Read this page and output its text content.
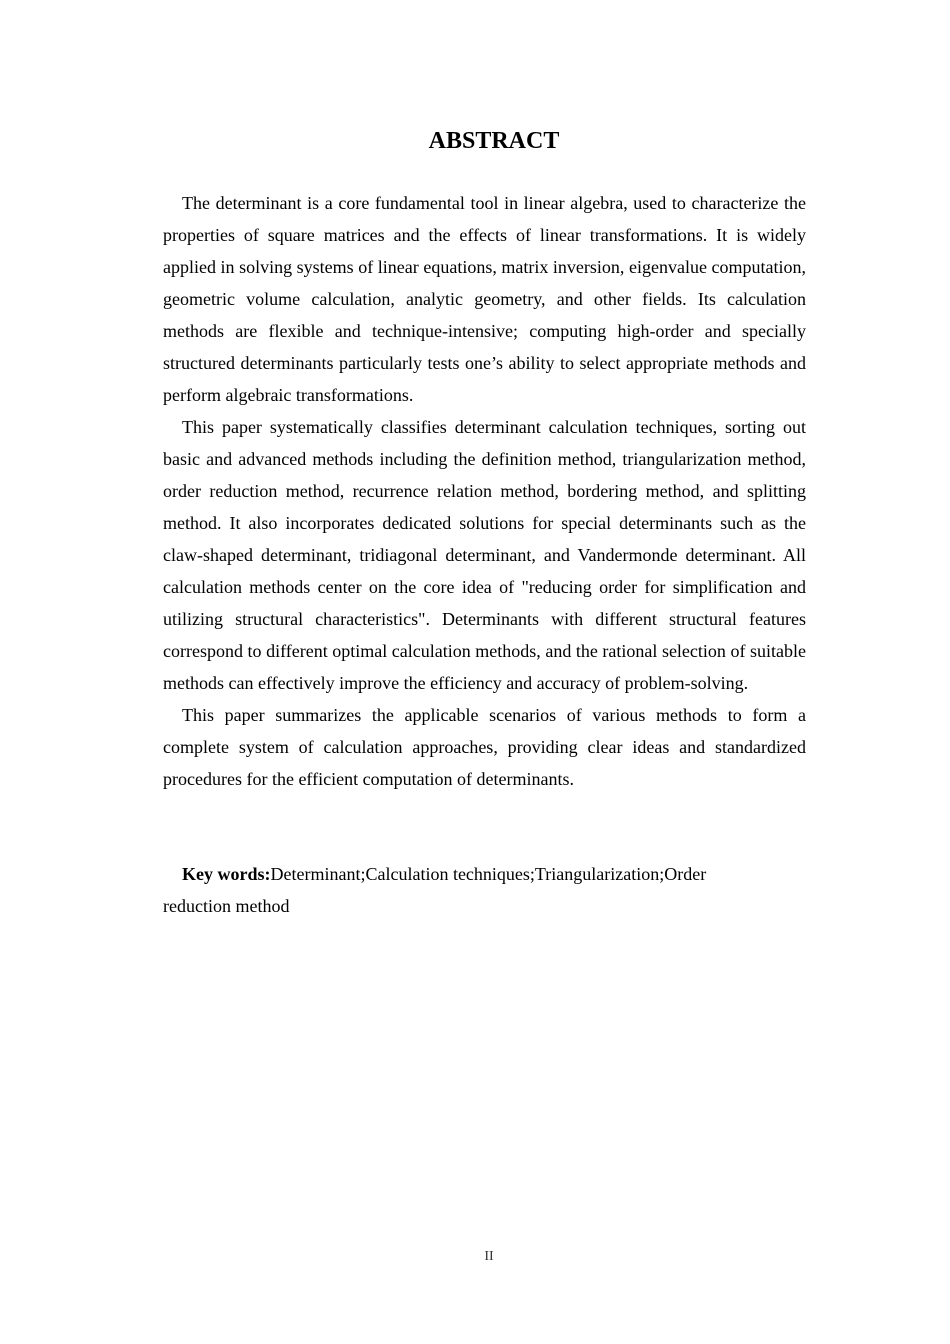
ABSTRACT

The determinant is a core fundamental tool in linear algebra, used to characterize the properties of square matrices and the effects of linear transformations. It is widely applied in solving systems of linear equations, matrix inversion, eigenvalue computation, geometric volume calculation, analytic geometry, and other fields. Its calculation methods are flexible and technique-intensive; computing high-order and specially structured determinants particularly tests one’s ability to select appropriate methods and perform algebraic transformations.

This paper systematically classifies determinant calculation techniques, sorting out basic and advanced methods including the definition method, triangularization method, order reduction method, recurrence relation method, bordering method, and splitting method. It also incorporates dedicated solutions for special determinants such as the claw-shaped determinant, tridiagonal determinant, and Vandermonde determinant. All calculation methods center on the core idea of "reducing order for simplification and utilizing structural characteristics". Determinants with different structural features correspond to different optimal calculation methods, and the rational selection of suitable methods can effectively improve the efficiency and accuracy of problem-solving.

This paper summarizes the applicable scenarios of various methods to form a complete system of calculation approaches, providing clear ideas and standardized procedures for the efficient computation of determinants.

Key words:Determinant;Calculation techniques;Triangularization;Order reduction method

II
